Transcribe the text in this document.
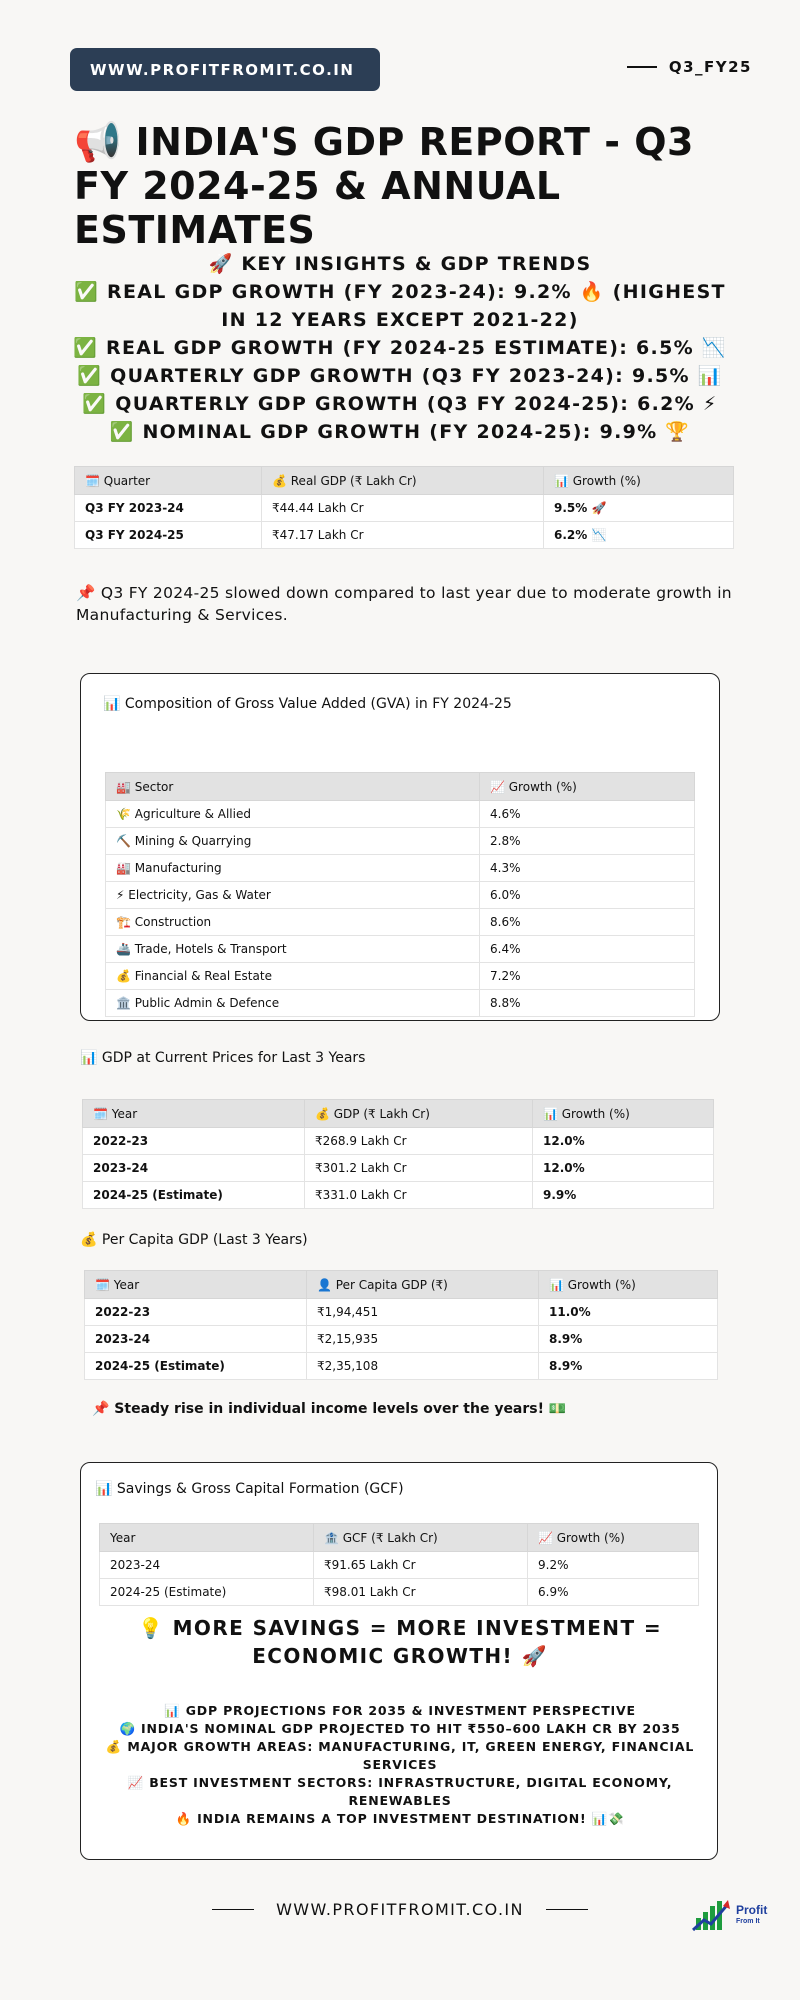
WWW.PROFITFROMIT.CO.IN	Q3_FY25
📢 INDIA'S GDP REPORT - Q3 FY 2024-25 & ANNUAL ESTIMATES
🚀 KEY INSIGHTS & GDP TRENDS
✅ REAL GDP GROWTH (FY 2023-24): 9.2% 🔥 (HIGHEST IN 12 YEARS EXCEPT 2021-22)
✅ REAL GDP GROWTH (FY 2024-25 ESTIMATE): 6.5% 📉
✅ QUARTERLY GDP GROWTH (Q3 FY 2023-24): 9.5% 📊
✅ QUARTERLY GDP GROWTH (Q3 FY 2024-25): 6.2% ⚡
✅ NOMINAL GDP GROWTH (FY 2024-25): 9.9% 🏆
🗓️ Quarter	💰 Real GDP (₹ Lakh Cr)	📊 Growth (%)
Q3 FY 2023-24	₹44.44 Lakh Cr	9.5% 🚀
Q3 FY 2024-25	₹47.17 Lakh Cr	6.2% 📉
📌 Q3 FY 2024-25 slowed down compared to last year due to moderate growth in Manufacturing & Services.
📊 Composition of Gross Value Added (GVA) in FY 2024-25
🏭 Sector	📈 Growth (%)
🌾 Agriculture & Allied	4.6%
⛏️ Mining & Quarrying	2.8%
🏭 Manufacturing	4.3%
⚡ Electricity, Gas & Water	6.0%
🏗️ Construction	8.6%
🚢 Trade, Hotels & Transport	6.4%
💰 Financial & Real Estate	7.2%
🏛️ Public Admin & Defence	8.8%
📊 GDP at Current Prices for Last 3 Years
🗓️ Year	💰 GDP (₹ Lakh Cr)	📊 Growth (%)
2022-23	₹268.9 Lakh Cr	12.0%
2023-24	₹301.2 Lakh Cr	12.0%
2024-25 (Estimate)	₹331.0 Lakh Cr	9.9%
💰 Per Capita GDP (Last 3 Years)
🗓️ Year	👤 Per Capita GDP (₹)	📊 Growth (%)
2022-23	₹1,94,451	11.0%
2023-24	₹2,15,935	8.9%
2024-25 (Estimate)	₹2,35,108	8.9%
📌 Steady rise in individual income levels over the years! 💵
📊 Savings & Gross Capital Formation (GCF)
Year	🏦 GCF (₹ Lakh Cr)	📈 Growth (%)
2023-24	₹91.65 Lakh Cr	9.2%
2024-25 (Estimate)	₹98.01 Lakh Cr	6.9%
💡 MORE SAVINGS = MORE INVESTMENT = ECONOMIC GROWTH! 🚀
📊 GDP PROJECTIONS FOR 2035 & INVESTMENT PERSPECTIVE
🌍 INDIA'S NOMINAL GDP PROJECTED TO HIT ₹550–600 LAKH CR BY 2035
💰 MAJOR GROWTH AREAS: MANUFACTURING, IT, GREEN ENERGY, FINANCIAL SERVICES
📈 BEST INVESTMENT SECTORS: INFRASTRUCTURE, DIGITAL ECONOMY, RENEWABLES
🔥 INDIA REMAINS A TOP INVESTMENT DESTINATION! 📊💸
WWW.PROFITFROMIT.CO.IN	Profit
From It
